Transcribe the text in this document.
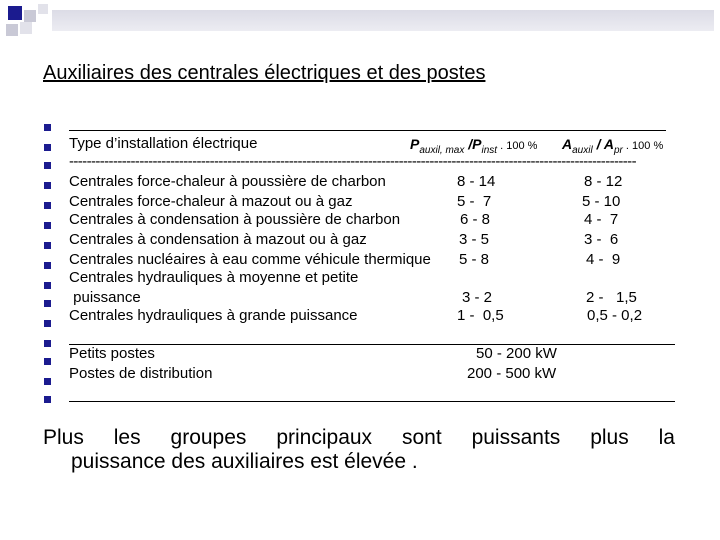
Auxiliaires des centrales électriques et des postes
Type d’installation électrique	$P_{auxil, max}$ $/P_{inst}$ . 100 % $A_{auxil} / A_{pr}$ . 100 %
---------------------------------------------------------------------------------------------------------------------------------
Centrales force-chaleur à poussière de charbon	8 - 14	8 - 12
Centrales force-chaleur à mazout ou à gaz	5 -  7	5 - 10
Centrales à condensation à poussière de charbon	6 - 8	4 -  7
Centrales à condensation à mazout ou à gaz	3 - 5	3 -  6
Centrales nucléaires à eau comme véhicule thermique 5 - 8	4 -  9
Centrales hydrauliques à moyenne et petite
puissance	3 - 2	2 -   1,5
Centrales hydrauliques à grande puissance	1 -  0,5	0,5 - 0,2
Petits postes	50 - 200 kW
Postes de distribution	200 - 500 kW
Plus les groupes principaux sont puissants plus la
puissance des auxiliaires est élevée .
